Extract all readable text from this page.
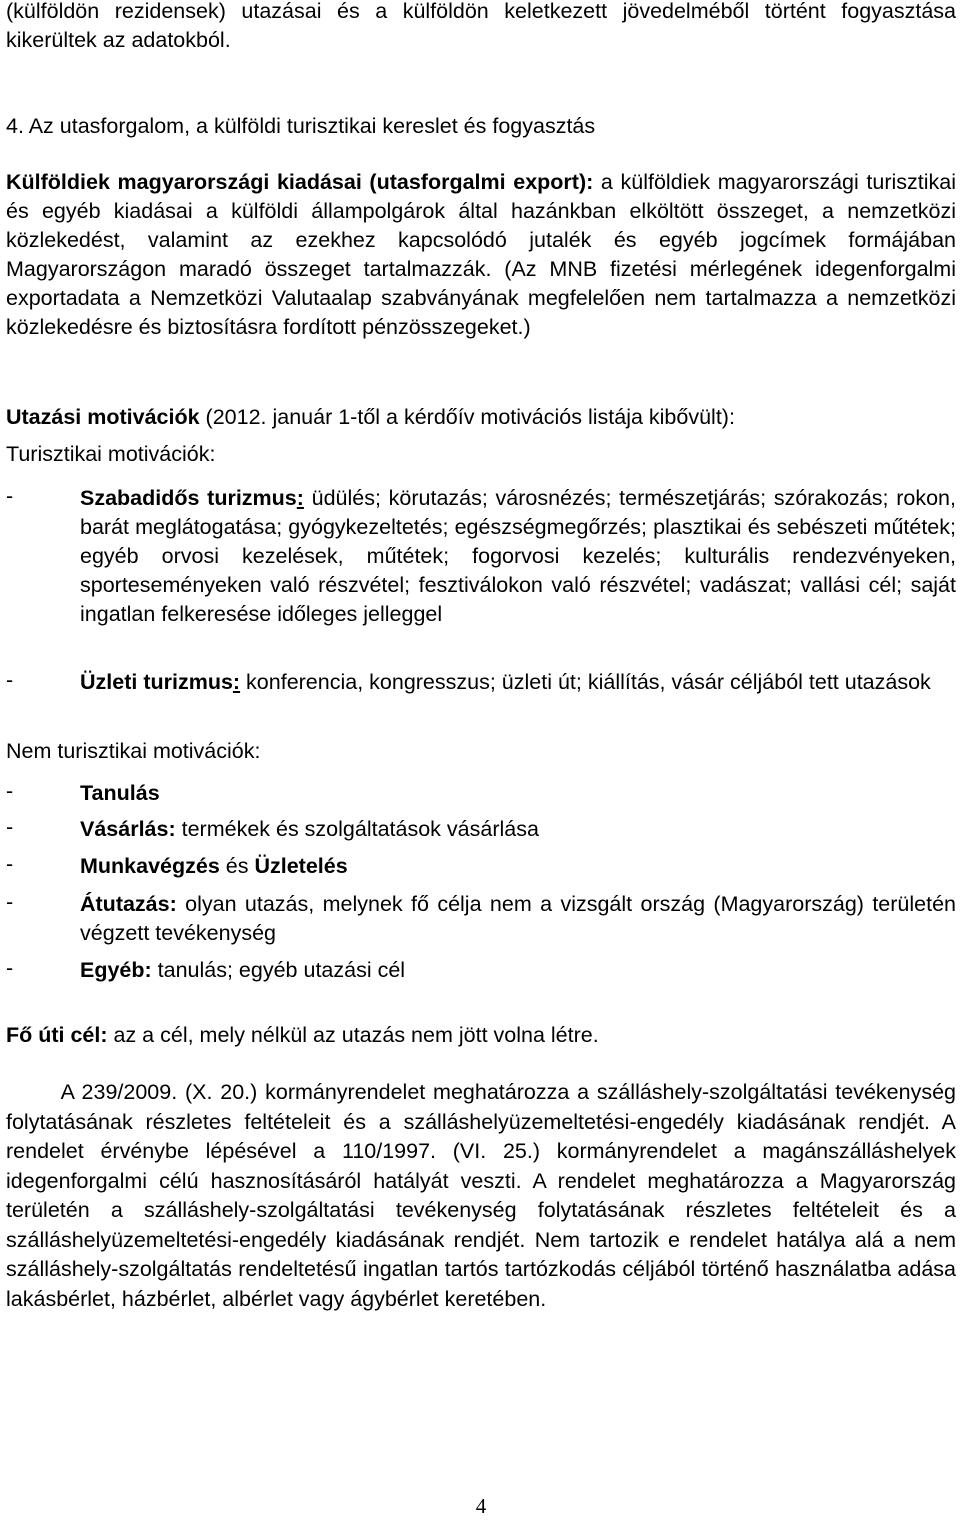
(külföldön rezidensek) utazásai és a külföldön keletkezett jövedelméből történt fogyasztása kikerültek az adatokból.

4. Az utasforgalom, a külföldi turisztikai kereslet és fogyasztás

Külföldiek magyarországi kiadásai (utasforgalmi export): a külföldiek magyarországi turisztikai és egyéb kiadásai a külföldi állampolgárok által hazánkban elköltött összeget, a nemzetközi közlekedést, valamint az ezekhez kapcsolódó jutalék és egyéb jogcímek formájában Magyarországon maradó összeget tartalmazzák. (Az MNB fizetési mérlegének idegenforgalmi exportadata a Nemzetközi Valutaalap szabványának megfelelően nem tartalmazza a nemzetközi közlekedésre és biztosításra fordított pénzösszegeket.)

Utazási motivációk (2012. január 1-től a kérdőív motivációs listája kibővült):

Turisztikai motivációk:

-	Szabadidős turizmus: üdülés; körutazás; városnézés; természetjárás; szórakozás; rokon, barát meglátogatása; gyógykezeltetés; egészségmegőrzés; plasztikai és sebészeti műtétek; egyéb orvosi kezelések, műtétek; fogorvosi kezelés; kulturális rendezvényeken, sporteseményeken való részvétel; fesztiválokon való részvétel; vadászat; vallási cél; saját ingatlan felkeresése időleges jelleggel
-	Üzleti turizmus: konferencia, kongresszus; üzleti út; kiállítás, vásár céljából tett utazások

Nem turisztikai motivációk:

-	Tanulás
-	Vásárlás: termékek és szolgáltatások vásárlása
-	Munkavégzés és Üzletelés
-	Átutazás: olyan utazás, melynek fő célja nem a vizsgált ország (Magyarország) területén végzett tevékenység
-	Egyéb: tanulás; egyéb utazási cél

Fő úti cél: az a cél, mely nélkül az utazás nem jött volna létre.

A 239/2009. (X. 20.) kormányrendelet meghatározza a szálláshely-szolgáltatási tevékenység folytatásának részletes feltételeit és a szálláshelyüzemeltetési-engedély kiadásának rendjét. A rendelet érvénybe lépésével a 110/1997. (VI. 25.) kormányrendelet a magánszálláshelyek idegenforgalmi célú hasznosításáról hatályát veszti. A rendelet meghatározza a Magyarország területén a szálláshely-szolgáltatási tevékenység folytatásának részletes feltételeit és a szálláshelyüzemeltetési-engedély kiadásának rendjét. Nem tartozik e rendelet hatálya alá a nem szálláshely-szolgáltatás rendeltetésű ingatlan tartós tartózkodás céljából történő használatba adása lakásbérlet, házbérlet, albérlet vagy ágybérlet keretében.

4
